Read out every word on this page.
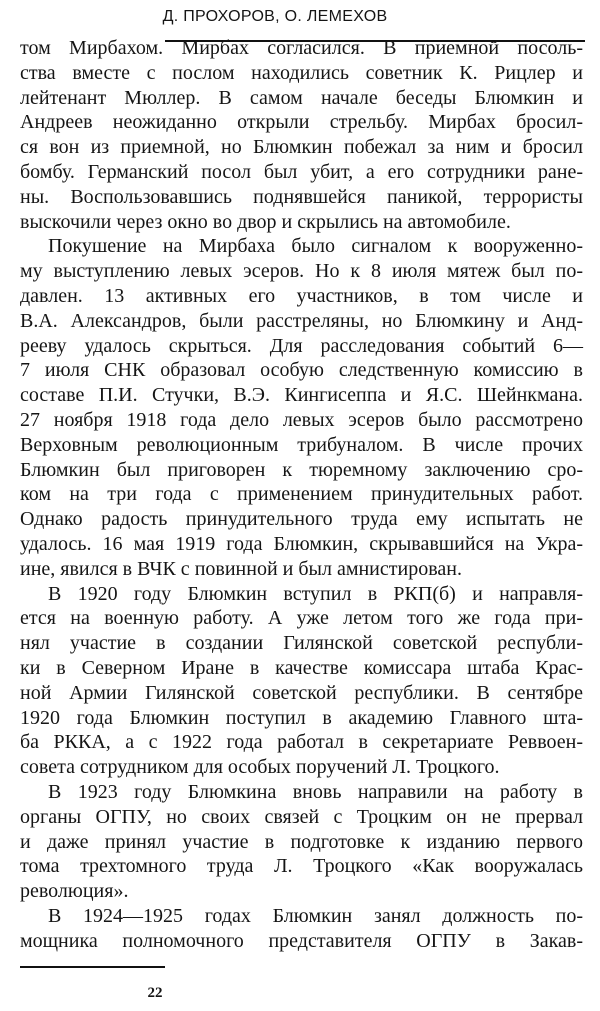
Д. ПРОХОРОВ, О. ЛЕМЕХОВ
том Мирбахом. Мирбах согласился. В приемной посоль-
ства вместе с послом находились советник К. Рицлер и
лейтенант Мюллер. В самом начале беседы Блюмкин и
Андреев неожиданно открыли стрельбу. Мирбах бросил-
ся вон из приемной, но Блюмкин побежал за ним и бросил
бомбу. Германский посол был убит, а его сотрудники ране-
ны. Воспользовавшись поднявшейся паникой, террористы
выскочили через окно во двор и скрылись на автомобиле.
Покушение на Мирбаха было сигналом к вооруженно-
му выступлению левых эсеров. Но к 8 июля мятеж был по-
давлен. 13 активных его участников, в том числе и
В.А. Александров, были расстреляны, но Блюмкину и Анд-
рееву удалось скрыться. Для расследования событий 6—
7 июля СНК образовал особую следственную комиссию в
составе П.И. Стучки, В.Э. Кингисеппа и Я.С. Шейнкмана.
27 ноября 1918 года дело левых эсеров было рассмотрено
Верховным революционным трибуналом. В числе прочих
Блюмкин был приговорен к тюремному заключению сро-
ком на три года с применением принудительных работ.
Однако радость принудительного труда ему испытать не
удалось. 16 мая 1919 года Блюмкин, скрывавшийся на Укра-
ине, явился в ВЧК с повинной и был амнистирован.
В 1920 году Блюмкин вступил в РКП(б) и направля-
ется на военную работу. А уже летом того же года при-
нял участие в создании Гилянской советской республи-
ки в Северном Иране в качестве комиссара штаба Крас-
ной Армии Гилянской советской республики. В сентябре
1920 года Блюмкин поступил в академию Главного шта-
ба РККА, а с 1922 года работал в секретариате Реввоен-
совета сотрудником для особых поручений Л. Троцкого.
В 1923 году Блюмкина вновь направили на работу в
органы ОГПУ, но своих связей с Троцким он не прервал
и даже принял участие в подготовке к изданию первого
тома трехтомного труда Л. Троцкого «Как вооружалась
революция».
В 1924—1925 годах Блюмкин занял должность по-
мощника полномочного представителя ОГПУ в Закав-
22
